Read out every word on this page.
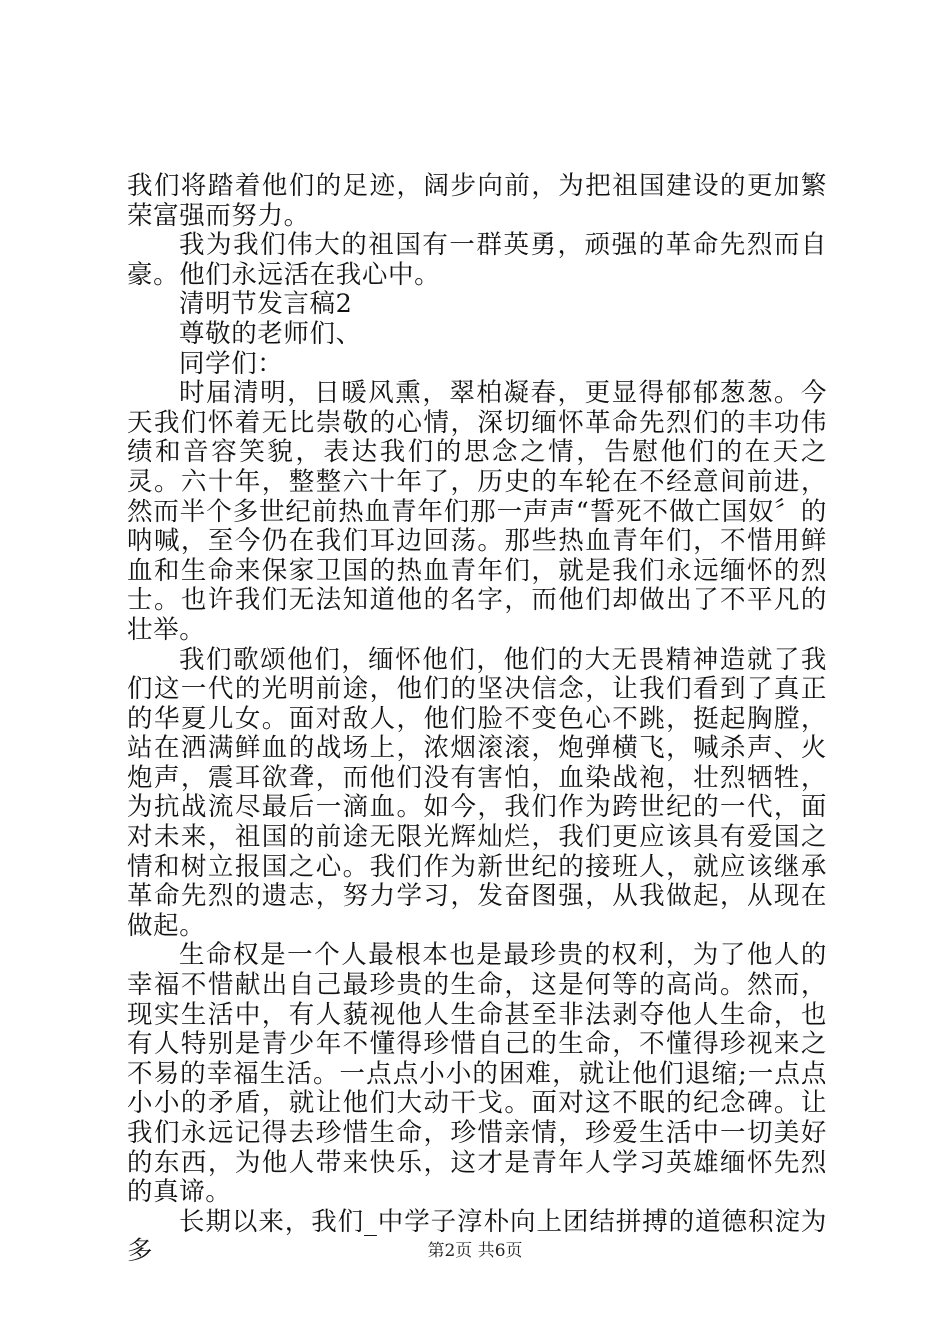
我们将踏着他们的足迹，阔步向前，为把祖国建设的更加繁荣富强而努力。

我为我们伟大的祖国有一群英勇，顽强的革命先烈而自豪。他们永远活在我心中。

清明节发言稿2

尊敬的老师们、

同学们：

时届清明，日暖风熏，翠柏凝春，更显得郁郁葱葱。今天我们怀着无比崇敬的心情，深切缅怀革命先烈们的丰功伟绩和音容笑貌，表达我们的思念之情，告慰他们的在天之灵。六十年，整整六十年了，历史的车轮在不经意间前进，然而半个多世纪前热血青年们那一声声“誓死不做亡国奴〞的呐喊，至今仍在我们耳边回荡。那些热血青年们，不惜用鲜血和生命来保家卫国的热血青年们，就是我们永远缅怀的烈士。也许我们无法知道他的名字，而他们却做出了不平凡的壮举。

我们歌颂他们，缅怀他们，他们的大无畏精神造就了我们这一代的光明前途，他们的坚决信念，让我们看到了真正的华夏儿女。面对敌人，他们脸不变色心不跳，挺起胸膛，站在洒满鲜血的战场上，浓烟滚滚，炮弹横飞，喊杀声、火炮声，震耳欲聋，而他们没有害怕，血染战袍，壮烈牺牲，为抗战流尽最后一滴血。如今，我们作为跨世纪的一代，面对未来，祖国的前途无限光辉灿烂，我们更应该具有爱国之情和树立报国之心。我们作为新世纪的接班人，就应该继承革命先烈的遗志，努力学习，发奋图强，从我做起，从现在做起。

生命权是一个人最根本也是最珍贵的权利，为了他人的幸福不惜献出自己最珍贵的生命，这是何等的高尚。然而，现实生活中，有人藐视他人生命甚至非法剥夺他人生命，也有人特别是青少年不懂得珍惜自己的生命，不懂得珍视来之不易的幸福生活。一点点小小的困难，就让他们退缩;一点点小小的矛盾，就让他们大动干戈。面对这不眠的纪念碑。让我们永远记得去珍惜生命，珍惜亲情，珍爱生活中一切美好的东西，为他人带来快乐，这才是青年人学习英雄缅怀先烈的真谛。

长期以来，我们_中学子淳朴向上团结拼搏的道德积淀为多	第2页 共6页
